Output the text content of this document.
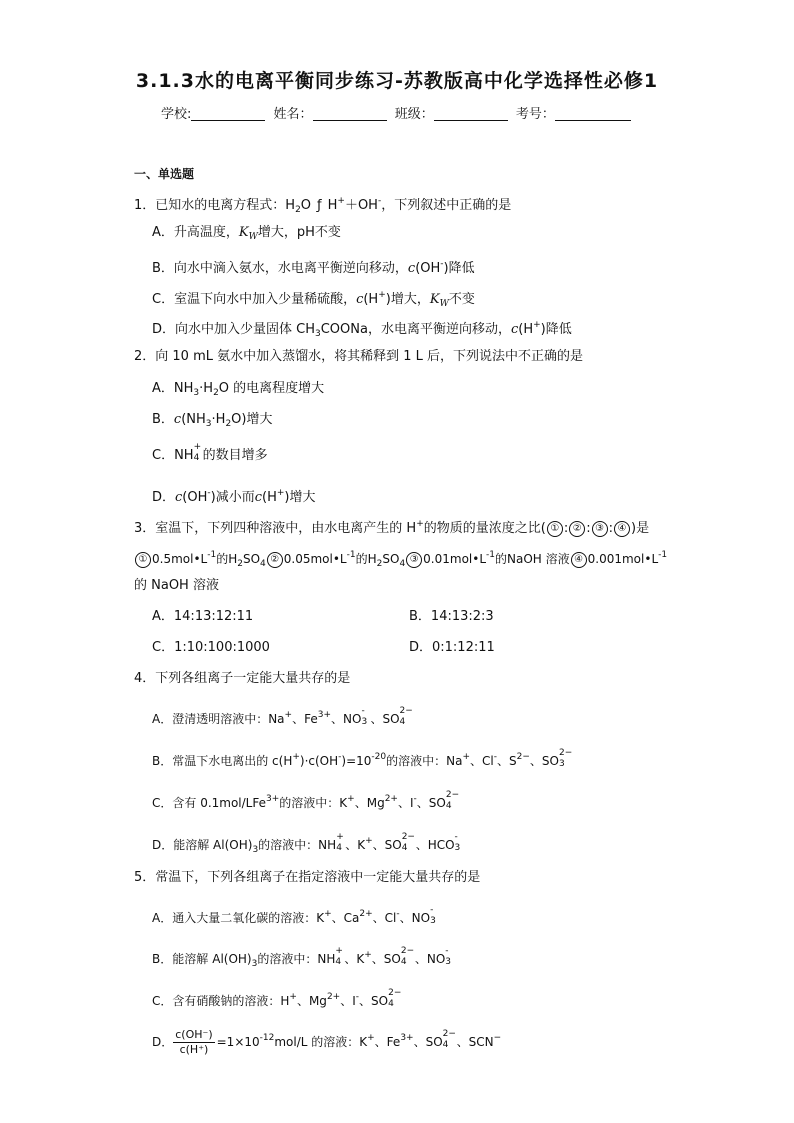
3.1.3水的电离平衡同步练习-苏教版高中化学选择性必修1
学校:	姓名：	班级：	考号：
一、单选题
1．已知水的电离方程式：$H_2O$ ƒ H+＋OH-，下列叙述中正确的是
A．升高温度，$K_W$增大，pH不变
B．向水中滴入氨水，水电离平衡逆向移动，c(OH-)降低
C．室温下向水中加入少量稀硫酸，c(H+)增大，$K_W$不变
D．向水中加入少量固体 $CH_3COONa$，水电离平衡逆向移动，c(H+)降低
2．向 10 mL 氨水中加入蒸馏水，将其稀释到 1 L 后，下列说法中不正确的是
A．$NH_3\cdot H_2O$ 的电离程度增大
B．$c(NH_3\cdot H_2O)$增大
C．NH
+
4 的数目增多
D．c(OH-)减小而c(H+)增大
3．室温下，下列四种溶液中，由水电离产生的 H+的物质的量浓度之比( ① : ② : ③ : ④ )是
① $0.5mol•L^{-1}$的$H_2SO_4$ ② $0.05mol•L^{-1}$的$H_2SO_4$ ③ $0.01mol•L^{-1}$的NaOH 溶液 ④ $0.001mol•L^{-1}$
的 NaOH 溶液
A．14:13:12:11	B．14:13:2:3
C．1:10:100:1000	D．0:1:12:11
4．下列各组离子一定能大量共存的是
A．澄清透明溶液中：Na+、$Fe^{3+}$、NO
-
3 、SO
2−
4
B．常温下水电离出的 $c(H^+)\cdot c(OH^-)=10^{-20}$的溶液中：Na+、Cl-、$S^{2-}$、SO
2−
3
C．含有 0.1mol/LFe$^{3+}$的溶液中：K+、$Mg^{2+}$、I-、SO
2−
4
D．能溶解 $Al(OH)_3$的溶液中：NH
+
4 、K+、SO
2−
4 、HCO
-
3
5．常温下，下列各组离子在指定溶液中一定能大量共存的是
A．通入大量二氧化碳的溶液：K+、$Ca^{2+}$、Cl-、NO
-
3
B．能溶解 $Al(OH)_3$的溶液中：NH
+
4 、K+、SO
2−
4 、NO
-
3
C．含有硝酸钠的溶液：H+、$Mg^{2+}$、I-、SO
2−
4
D． $\frac{c(OH^-)}{c(H^+)} =1\times 10^{-12}mol/L$ 的溶液：K+、$Fe^{3+}$、SO
2−
4 、SCN−
